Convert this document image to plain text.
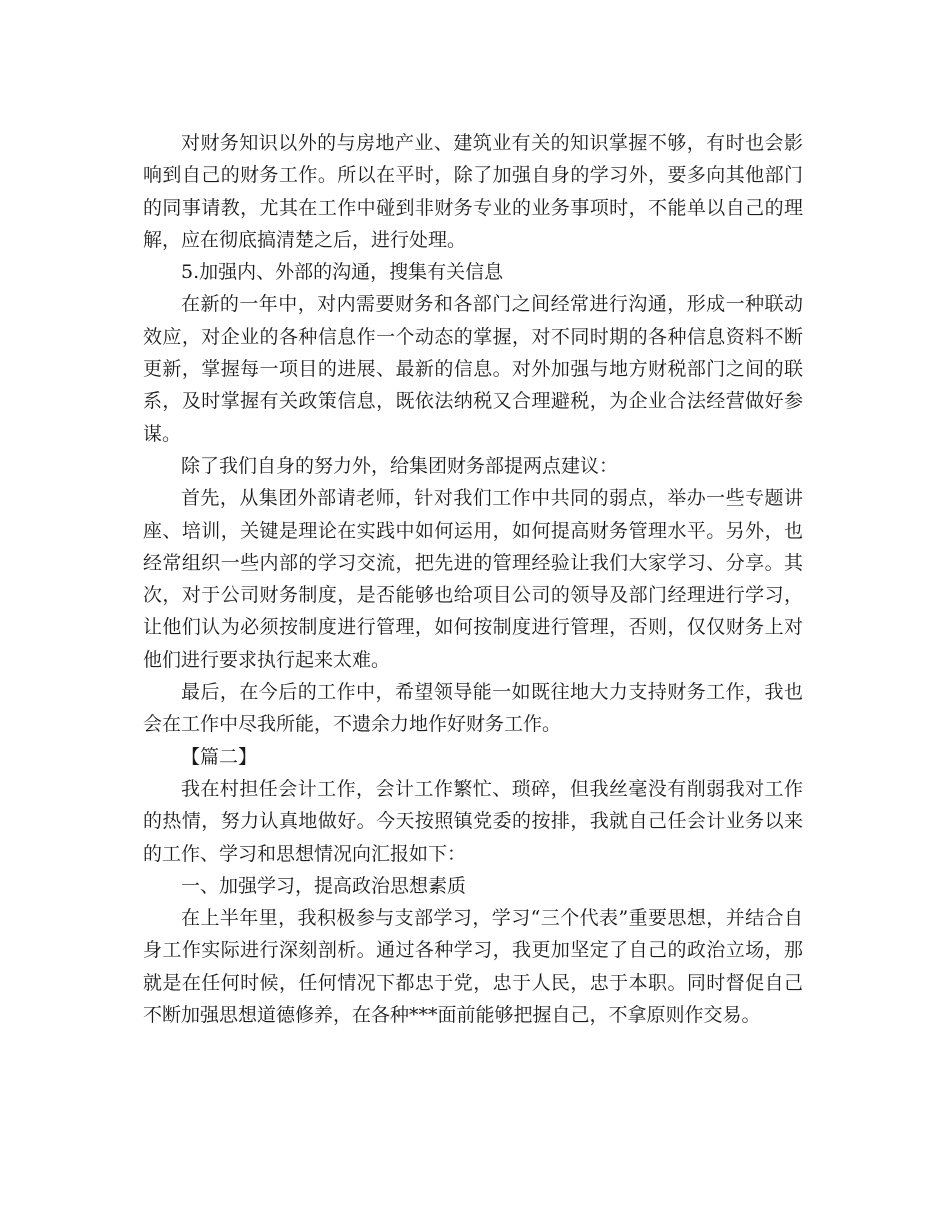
对财务知识以外的与房地产业、建筑业有关的知识掌握不够，有时也会影响到自己的财务工作。所以在平时，除了加强自身的学习外，要多向其他部门的同事请教，尤其在工作中碰到非财务专业的业务事项时，不能单以自己的理解，应在彻底搞清楚之后，进行处理。

5.加强内、外部的沟通，搜集有关信息

在新的一年中，对内需要财务和各部门之间经常进行沟通，形成一种联动效应，对企业的各种信息作一个动态的掌握，对不同时期的各种信息资料不断更新，掌握每一项目的进展、最新的信息。对外加强与地方财税部门之间的联系，及时掌握有关政策信息，既依法纳税又合理避税，为企业合法经营做好参谋。

除了我们自身的努力外，给集团财务部提两点建议：

首先，从集团外部请老师，针对我们工作中共同的弱点，举办一些专题讲座、培训，关键是理论在实践中如何运用，如何提高财务管理水平。另外，也经常组织一些内部的学习交流，把先进的管理经验让我们大家学习、分享。其次，对于公司财务制度，是否能够也给项目公司的领导及部门经理进行学习，让他们认为必须按制度进行管理，如何按制度进行管理，否则，仅仅财务上对他们进行要求执行起来太难。

最后，在今后的工作中，希望领导能一如既往地大力支持财务工作，我也会在工作中尽我所能，不遗余力地作好财务工作。

【篇二】

我在村担任会计工作，会计工作繁忙、琐碎，但我丝毫没有削弱我对工作的热情，努力认真地做好。今天按照镇党委的按排，我就自己任会计业务以来的工作、学习和思想情况向汇报如下：

一、加强学习，提高政治思想素质

在上半年里，我积极参与支部学习，学习“三个代表”重要思想，并结合自身工作实际进行深刻剖析。通过各种学习，我更加坚定了自己的政治立场，那就是在任何时候，任何情况下都忠于党，忠于人民，忠于本职。同时督促自己不断加强思想道德修养，在各种***面前能够把握自己，不拿原则作交易。
